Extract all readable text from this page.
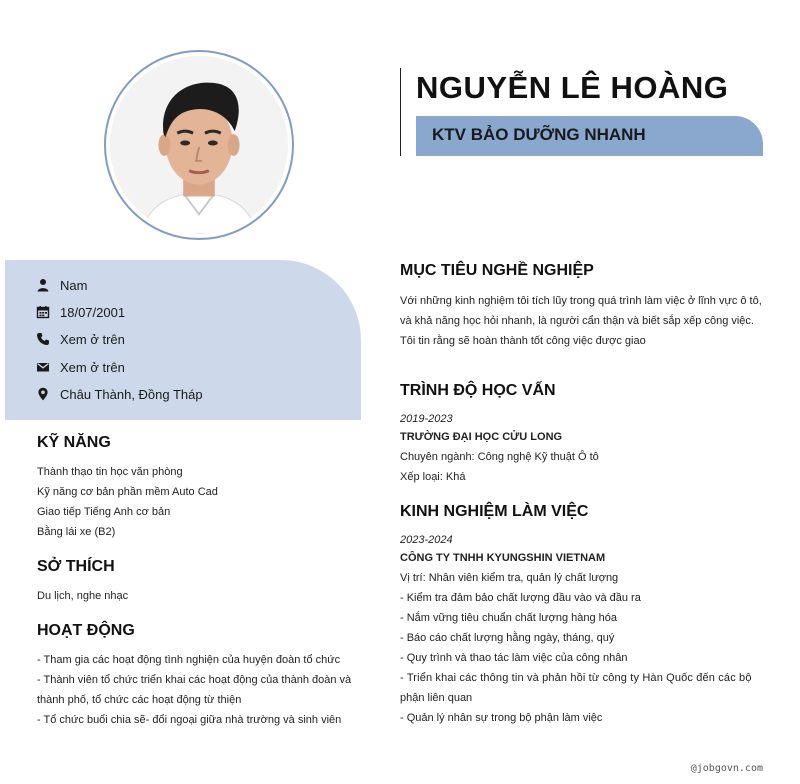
NGUYỄN LÊ HOÀNG
KTV BẢO DƯỠNG NHANH
Nam
18/07/2001
Xem ở trên
Xem ở trên
Châu Thành, Đồng Tháp
KỸ NĂNG
Thành thạo tin học văn phòng
Kỹ năng cơ bản phần mềm Auto Cad
Giao tiếp Tiếng Anh cơ bản
Bằng lái xe (B2)
SỞ THÍCH
Du lịch, nghe nhạc
HOẠT ĐỘNG
- Tham gia các hoạt động tình nghiện của huyện đoàn tổ chức
- Thành viên tổ chức triển khai các hoạt động của thành đoàn và
thành phố, tổ chức các hoạt động từ thiện
- Tổ chức buổi chia sẽ- đổi ngoại giữa nhà trường và sinh viên
MỤC TIÊU NGHỀ NGHIỆP
Với những kinh nghiệm tôi tích lũy trong quá trình làm việc ở lĩnh vực ô tô, và khả năng học hỏi nhanh, là người cẩn thận và biết sắp xếp công việc. Tôi tin rằng sẽ hoàn thành tốt công việc được giao
TRÌNH ĐỘ HỌC VẤN
2019-2023
TRƯỜNG ĐẠI HỌC CỬU LONG
Chuyên ngành: Công nghệ Kỹ thuật Ô tô
Xếp loại: Khá
KINH NGHIỆM LÀM VIỆC
2023-2024
CÔNG TY TNHH KYUNGSHIN VIETNAM
Vị trí: Nhân viên kiểm tra, quản lý chất lượng
- Kiểm tra đảm bảo chất lượng đầu vào và đầu ra
- Nắm vững tiêu chuẩn chất lượng hàng hóa
- Báo cáo chất lượng hằng ngày, tháng, quý
- Quy trình và thao tác làm việc của công nhân
- Triển khai các thông tin và phản hồi từ công ty Hàn Quốc đến các bộ
phận liên quan
- Quản lý nhân sự trong bộ phận làm việc
@jobgovn.com
